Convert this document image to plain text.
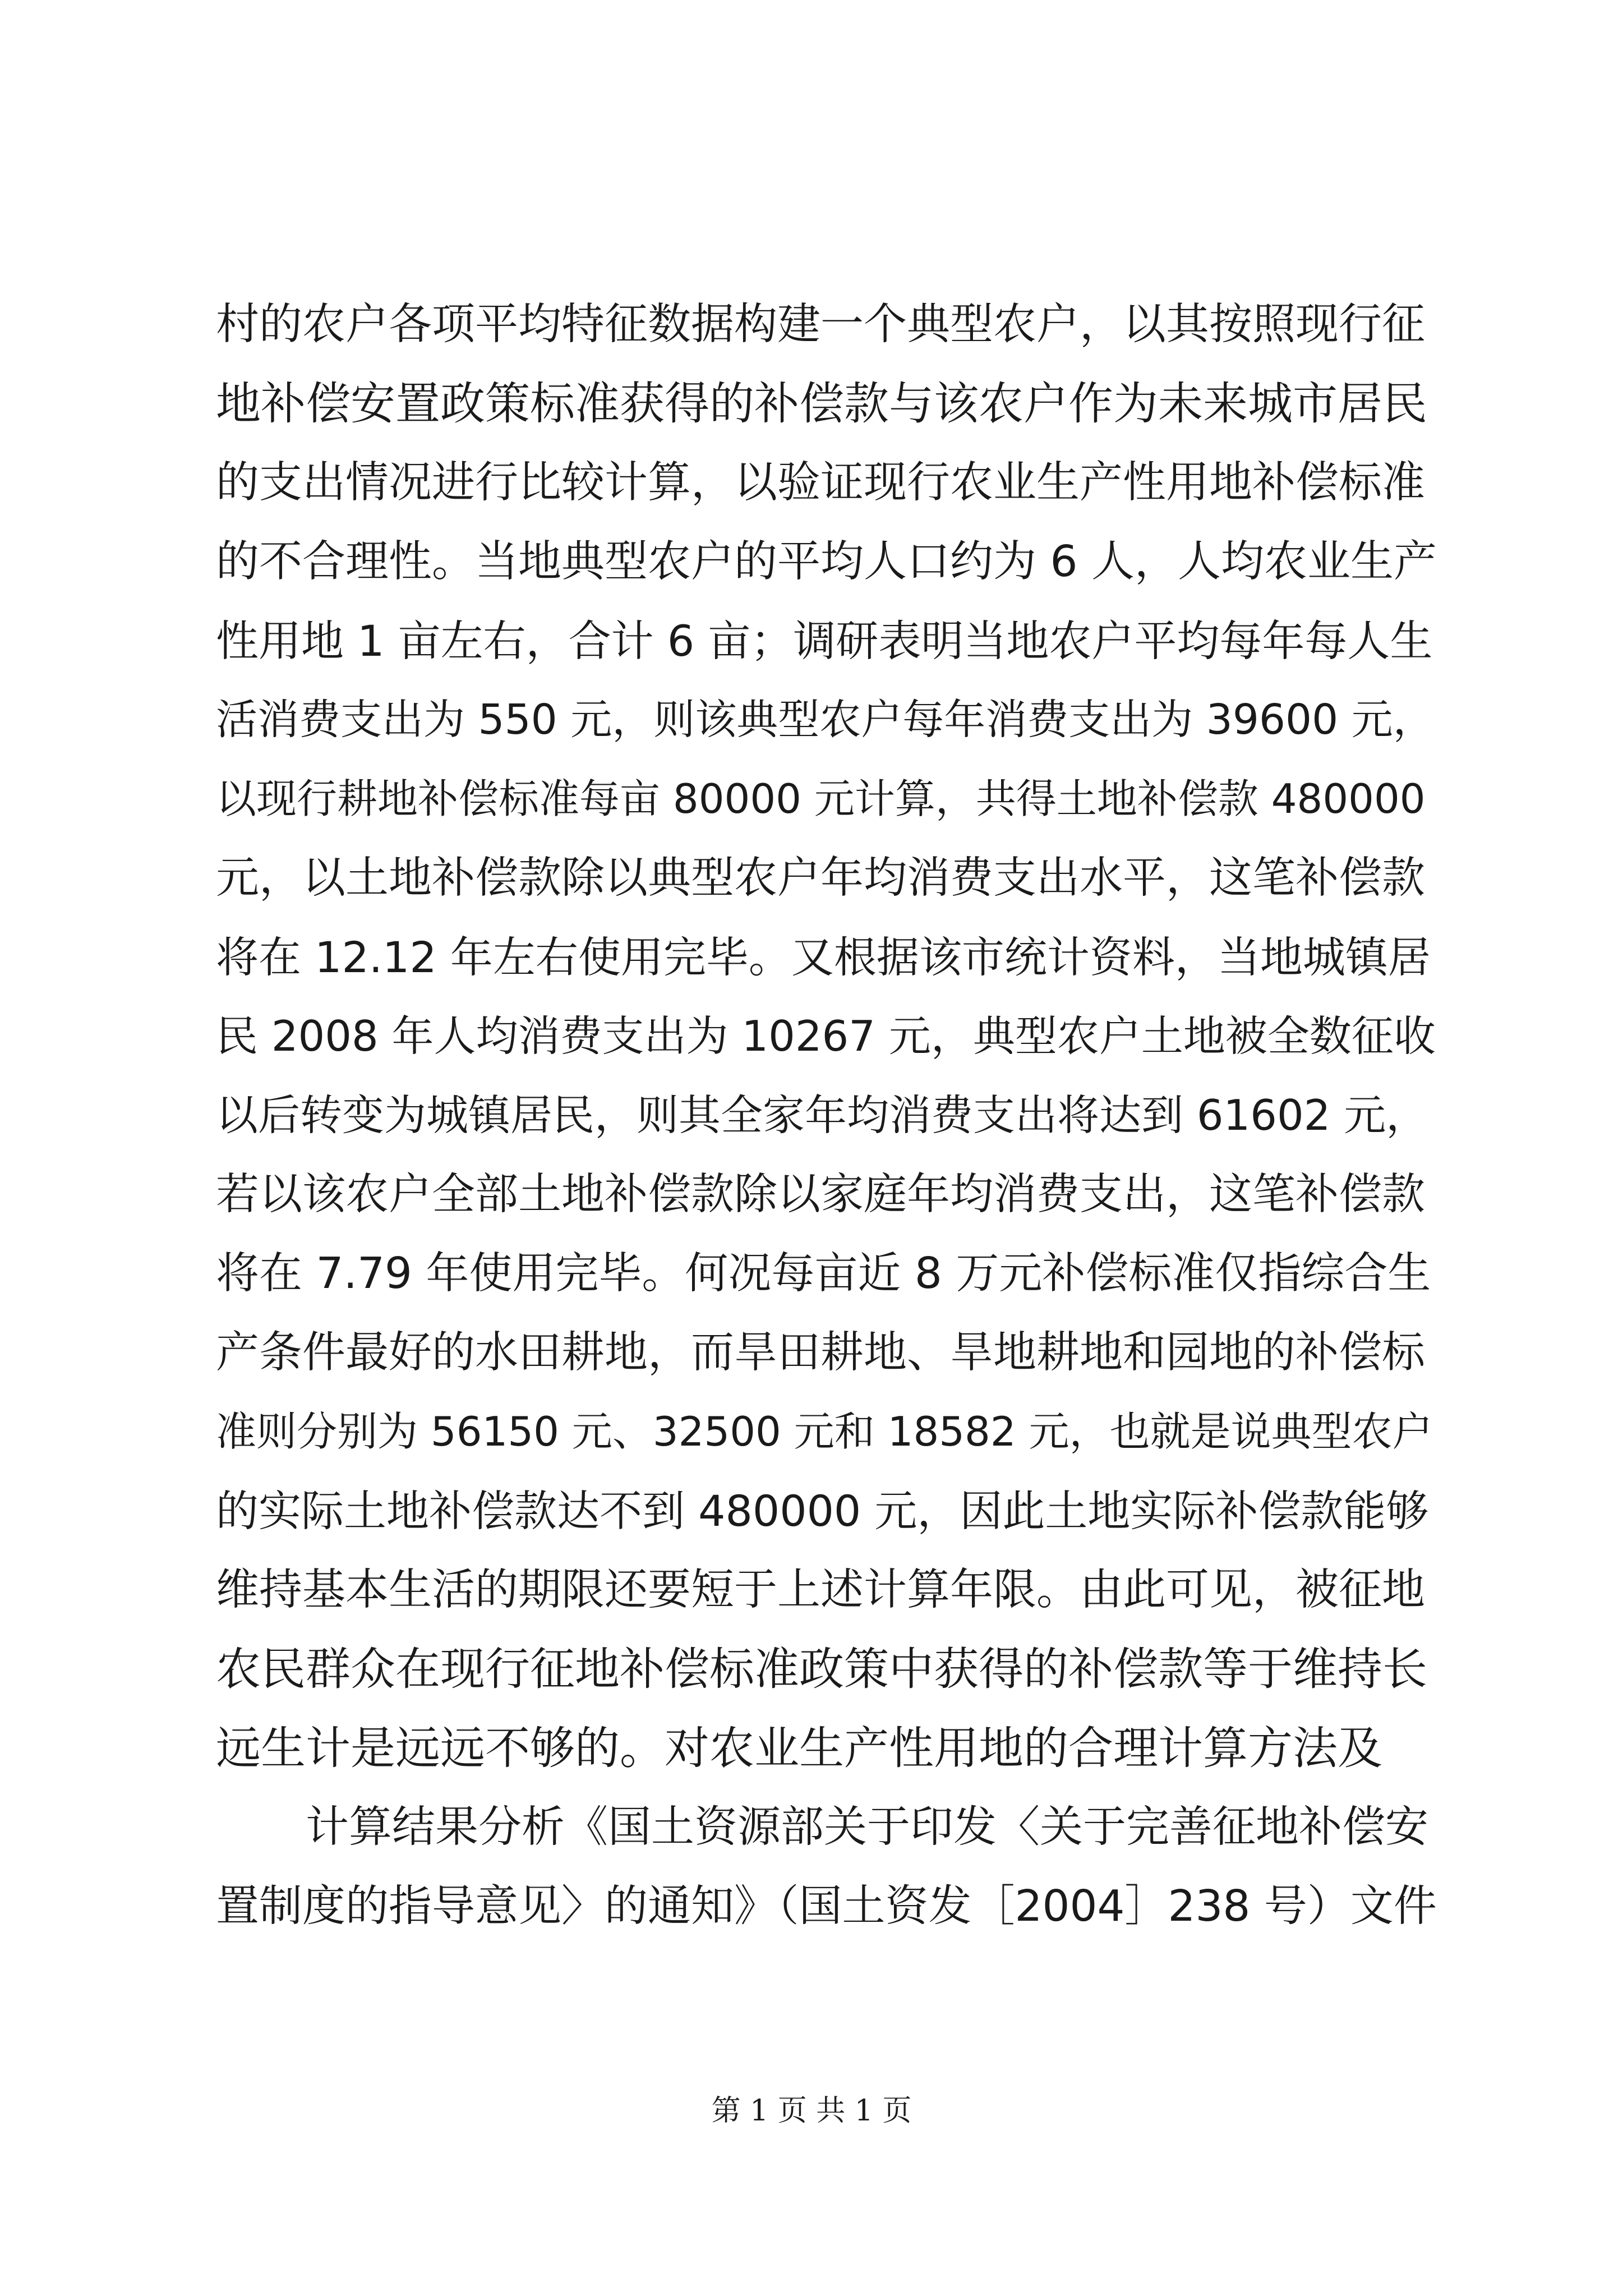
村的农户各项平均特征数据构建一个典型农户，以其按照现行征
地补偿安置政策标准获得的补偿款与该农户作为未来城市居民
的支出情况进行比较计算，以验证现行农业生产性用地补偿标准
的不合理性。当地典型农户的平均人口约为 6 人，人均农业生产
性用地 1 亩左右，合计 6 亩；调研表明当地农户平均每年每人生
活消费支出为 550 元，则该典型农户每年消费支出为 39600 元，
以现行耕地补偿标准每亩 80000 元计算，共得土地补偿款 480000
元，以土地补偿款除以典型农户年均消费支出水平，这笔补偿款
将在 12.12 年左右使用完毕。又根据该市统计资料，当地城镇居
民 2008 年人均消费支出为 10267 元，典型农户土地被全数征收
以后转变为城镇居民，则其全家年均消费支出将达到 61602 元，
若以该农户全部土地补偿款除以家庭年均消费支出，这笔补偿款
将在 7.79 年使用完毕。何况每亩近 8 万元补偿标准仅指综合生
产条件最好的水田耕地，而旱田耕地、旱地耕地和园地的补偿标
准则分别为 56150 元、32500 元和 18582 元，也就是说典型农户
的实际土地补偿款达不到 480000 元，因此土地实际补偿款能够
维持基本生活的期限还要短于上述计算年限。由此可见，被征地
农民群众在现行征地补偿标准政策中获得的补偿款等于维持长
远生计是远远不够的。对农业生产性用地的合理计算方法及
计算结果分析《国土资源部关于印发〈关于完善征地补偿安
置制度的指导意见〉的通知》（国土资发［2004］238 号）文件
第 1 页 共 1 页
